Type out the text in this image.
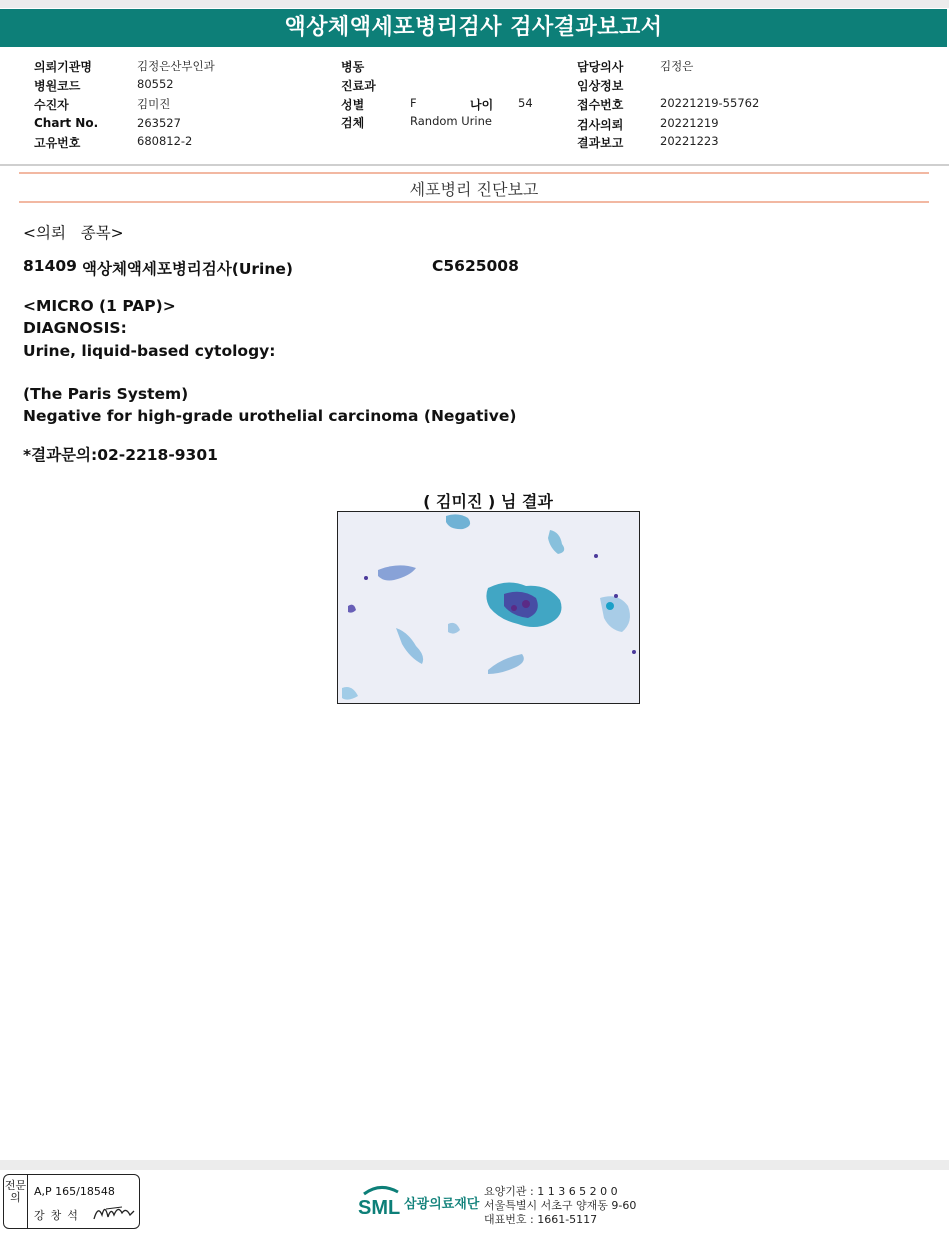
액상체액세포병리검사 검사결과보고서
의뢰기관명	김정은산부인과
병원코드	80552
수진자	김미진
Chart No.	263527
고유번호	680812-2
병동
진료과
성별	F	나이 54
검체	Random Urine
담당의사	김정은
임상정보
접수번호	20221219-55762
검사의뢰	20221219
결과보고	20221223
세포병리 진단보고
<의뢰   종목>
81409 액상체액세포병리검사(Urine)	C5625008
<MICRO (1 PAP)>
DIAGNOSIS:
Urine, liquid-based cytology:
(The Paris System)
Negative for high-grade urothelial carcinoma (Negative)
*결과문의:02-2218-9301
( 김미진 ) 님 결과
전문의	A,P 165/18548
강창석	SML 삼광의료재단
요양기관 : 1 1 3 6 5 2 0 0
서울특별시 서초구 양재동 9-60
대표번호 : 1661-5117
